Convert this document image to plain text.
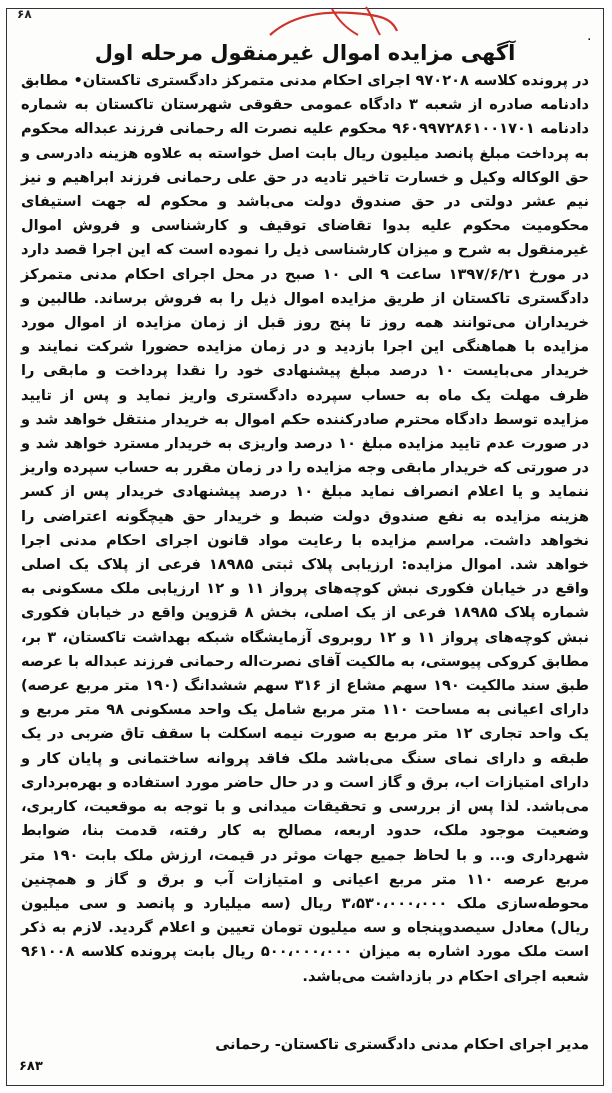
۶۸
۰
آگهی مزایده اموال غیرمنقول مرحله اول

در پرونده کلاسه ۹۷۰۲۰۸ اجرای احکام مدنی متمرکز دادگستری تاکستان• مطابق دادنامه صادره از شعبه ۳ دادگاه عمومی حقوقی شهرستان تاکستان به شماره دادنامه ۹۶۰۹۹۷۲۸۶۱۰۰۱۷۰۱ محکوم علیه نصرت اله رحمانی فرزند عبداله محکوم به پرداخت مبلغ پانصد میلیون ریال بابت اصل خواسته به علاوه هزینه دادرسی و حق الوکاله وکیل و خسارت تاخیر تادیه در حق علی رحمانی فرزند ابراهیم و نیز نیم عشر دولتی در حق صندوق دولت می‌باشد و محکوم له جهت استیفای محکومیت محکوم علیه بدوا تقاضای توقیف و کارشناسی و فروش اموال غیرمنقول به شرح و میزان کارشناسی ذیل را نموده است که این اجرا قصد دارد در مورخ ۱۳۹۷/۶/۲۱ ساعت ۹ الی ۱۰ صبح در محل اجرای احکام مدنی متمرکز دادگستری تاکستان از طریق مزایده اموال ذیل را به فروش برساند. طالبین و خریداران می‌توانند همه روز تا پنج روز قبل از زمان مزایده از اموال مورد مزایده با هماهنگی این اجرا بازدید و در زمان مزایده حضورا شرکت نمایند و خریدار می‌بایست ۱۰ درصد مبلغ پیشنهادی خود را نقدا پرداخت و مابقی را ظرف مهلت یک ماه به حساب سپرده دادگستری واریز نماید و پس از تایید مزایده توسط دادگاه محترم صادرکننده حکم اموال به خریدار منتقل خواهد شد و در صورت عدم تایید مزایده مبلغ ۱۰ درصد واریزی به خریدار مسترد خواهد شد و در صورتی که خریدار مابقی وجه مزایده را در زمان مقرر به حساب سپرده واریز ننماید و یا اعلام انصراف نماید مبلغ ۱۰ درصد پیشنهادی خریدار پس از کسر هزینه مزایده به نفع صندوق دولت ضبط و خریدار حق هیچگونه اعتراضی را نخواهد داشت. مراسم مزایده با رعایت مواد قانون اجرای احکام مدنی اجرا خواهد شد. اموال مزایده: ارزیابی پلاک ثبتی ۱۸۹۸۵ فرعی از پلاک یک اصلی واقع در خیابان فکوری نبش کوچه‌های پرواز ۱۱ و ۱۲ ارزیابی ملک مسکونی به شماره پلاک ۱۸۹۸۵ فرعی از یک اصلی، بخش ۸ قزوین واقع در خیابان فکوری نبش کوچه‌های پرواز ۱۱ و ۱۲ روبروی آزمایشگاه شبکه بهداشت تاکستان، ۳ بر، مطابق کروکی پیوستی، به مالکیت آقای نصرت‌اله رحمانی فرزند عبداله با عرصه طبق سند مالکیت ۱۹۰ سهم مشاع از ۳۱۶ سهم ششدانگ (۱۹۰ متر مربع عرصه) دارای اعیانی به مساحت ۱۱۰ متر مربع شامل یک واحد مسکونی ۹۸ متر مربع و یک واحد تجاری ۱۲ متر مربع به صورت نیمه اسکلت با سقف تاق ضربی در یک طبقه و دارای نمای سنگ می‌باشد ملک فاقد پروانه ساختمانی و پایان کار و دارای امتیازات اب، برق و گاز است و در حال حاضر مورد استفاده و بهره‌برداری می‌باشد. لذا پس از بررسی و تحقیقات میدانی و با توجه به موقعیت، کاربری، وضعیت موجود ملک، حدود اربعه، مصالح به کار رفته، قدمت بنا، ضوابط شهرداری و... و با لحاظ جمیع جهات موثر در قیمت، ارزش ملک بابت ۱۹۰ متر مربع عرصه ۱۱۰ متر مربع اعیانی و امتیازات آب و برق و گاز و همچنین محوطه‌سازی ملک ۳،۵۳۰،۰۰۰،۰۰۰ ریال (سه میلیارد و پانصد و سی میلیون ریال) معادل سیصدوپنجاه و سه میلیون تومان تعیین و اعلام گردید. لازم به ذکر است ملک مورد اشاره به میزان ۵۰۰،۰۰۰،۰۰۰ ریال بابت پرونده کلاسه ۹۶۱۰۰۸ شعبه اجرای احکام در بازداشت می‌باشد.

مدیر اجرای احکام مدنی دادگستری تاکستان- رحمانی
۶۸۳
